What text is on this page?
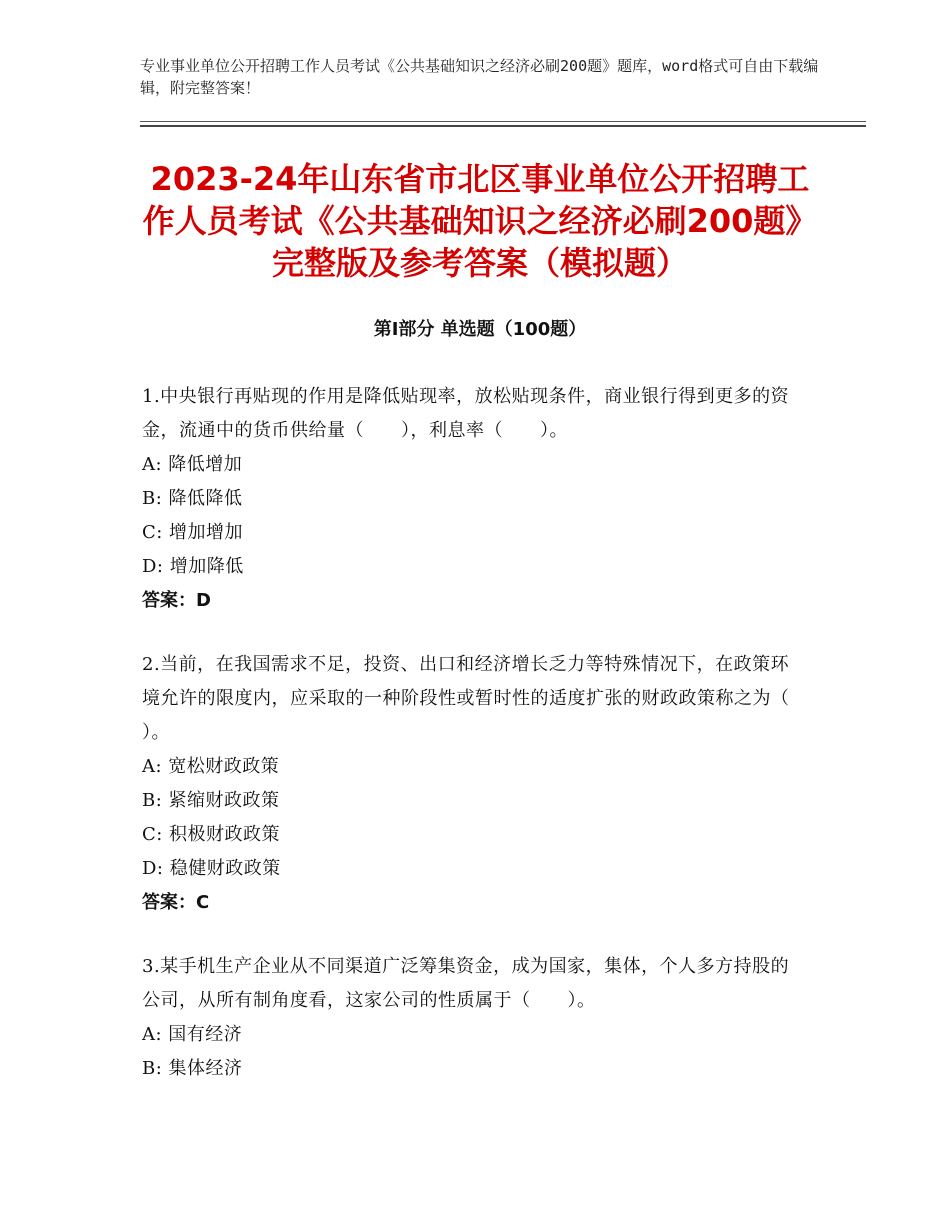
专业事业单位公开招聘工作人员考试《公共基础知识之经济必刷200题》题库，word格式可自由下载编辑，附完整答案！
2023-24年山东省市北区事业单位公开招聘工作人员考试《公共基础知识之经济必刷200题》完整版及参考答案（模拟题）
第Ⅰ部分 单选题（100题）
1.中央银行再贴现的作用是降低贴现率，放松贴现条件，商业银行得到更多的资金，流通中的货币供给量（　　），利息率（　　）。
A: 降低增加
B: 降低降低
C: 增加增加
D: 增加降低
答案：D
2.当前，在我国需求不足，投资、出口和经济增长乏力等特殊情况下，在政策环境允许的限度内，应采取的一种阶段性或暂时性的适度扩张的财政政策称之为（ ）。
A: 宽松财政政策
B: 紧缩财政政策
C: 积极财政政策
D: 稳健财政政策
答案：C
3.某手机生产企业从不同渠道广泛筹集资金，成为国家，集体，个人多方持股的公司，从所有制角度看，这家公司的性质属于（　　）。
A: 国有经济
B: 集体经济
